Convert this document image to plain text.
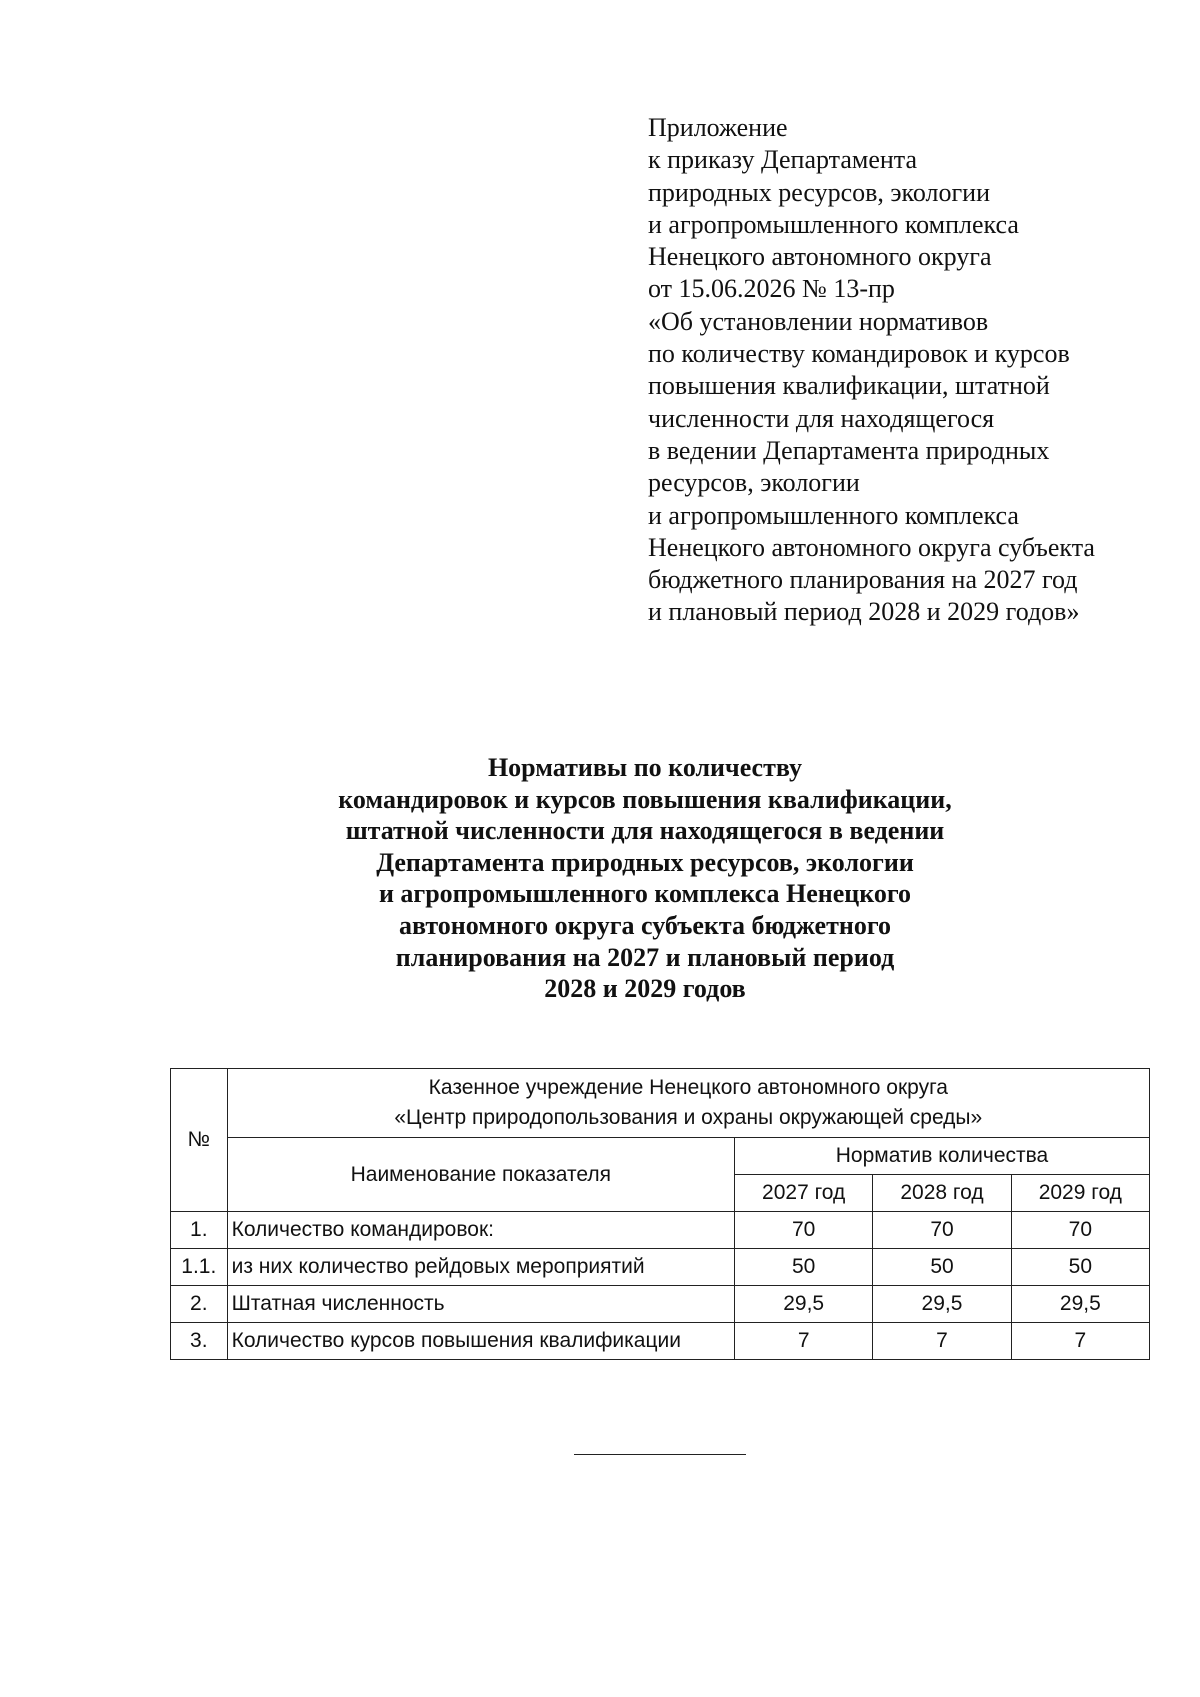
Приложение
к приказу Департамента
природных ресурсов, экологии
и агропромышленного комплекса
Ненецкого автономного округа
от 15.06.2026 № 13-пр
«Об установлении нормативов
по количеству командировок и курсов
повышения квалификации, штатной
численности для находящегося
в ведении Департамента природных
ресурсов, экологии
и агропромышленного комплекса
Ненецкого автономного округа субъекта
бюджетного планирования на 2027 год
и плановый период 2028 и 2029 годов»
Нормативы по количеству
командировок и курсов повышения квалификации,
штатной численности для находящегося в ведении
Департамента природных ресурсов, экологии
и агропромышленного комплекса Ненецкого
автономного округа субъекта бюджетного
планирования на 2027 и плановый период
2028 и 2029 годов
№	Казенное учреждение Ненецкого автономного округа
«Центр природопользования и охраны окружающей среды»			

	Наименование показателя	Норматив количества		
		2027 год	2028 год	2029 год
1.	Количество командировок:	70	70	70
1.1.	из них количество рейдовых мероприятий	50	50	50
2.	Штатная численность	29,5	29,5	29,5
3.	Количество курсов повышения квалификации	7	7	7
